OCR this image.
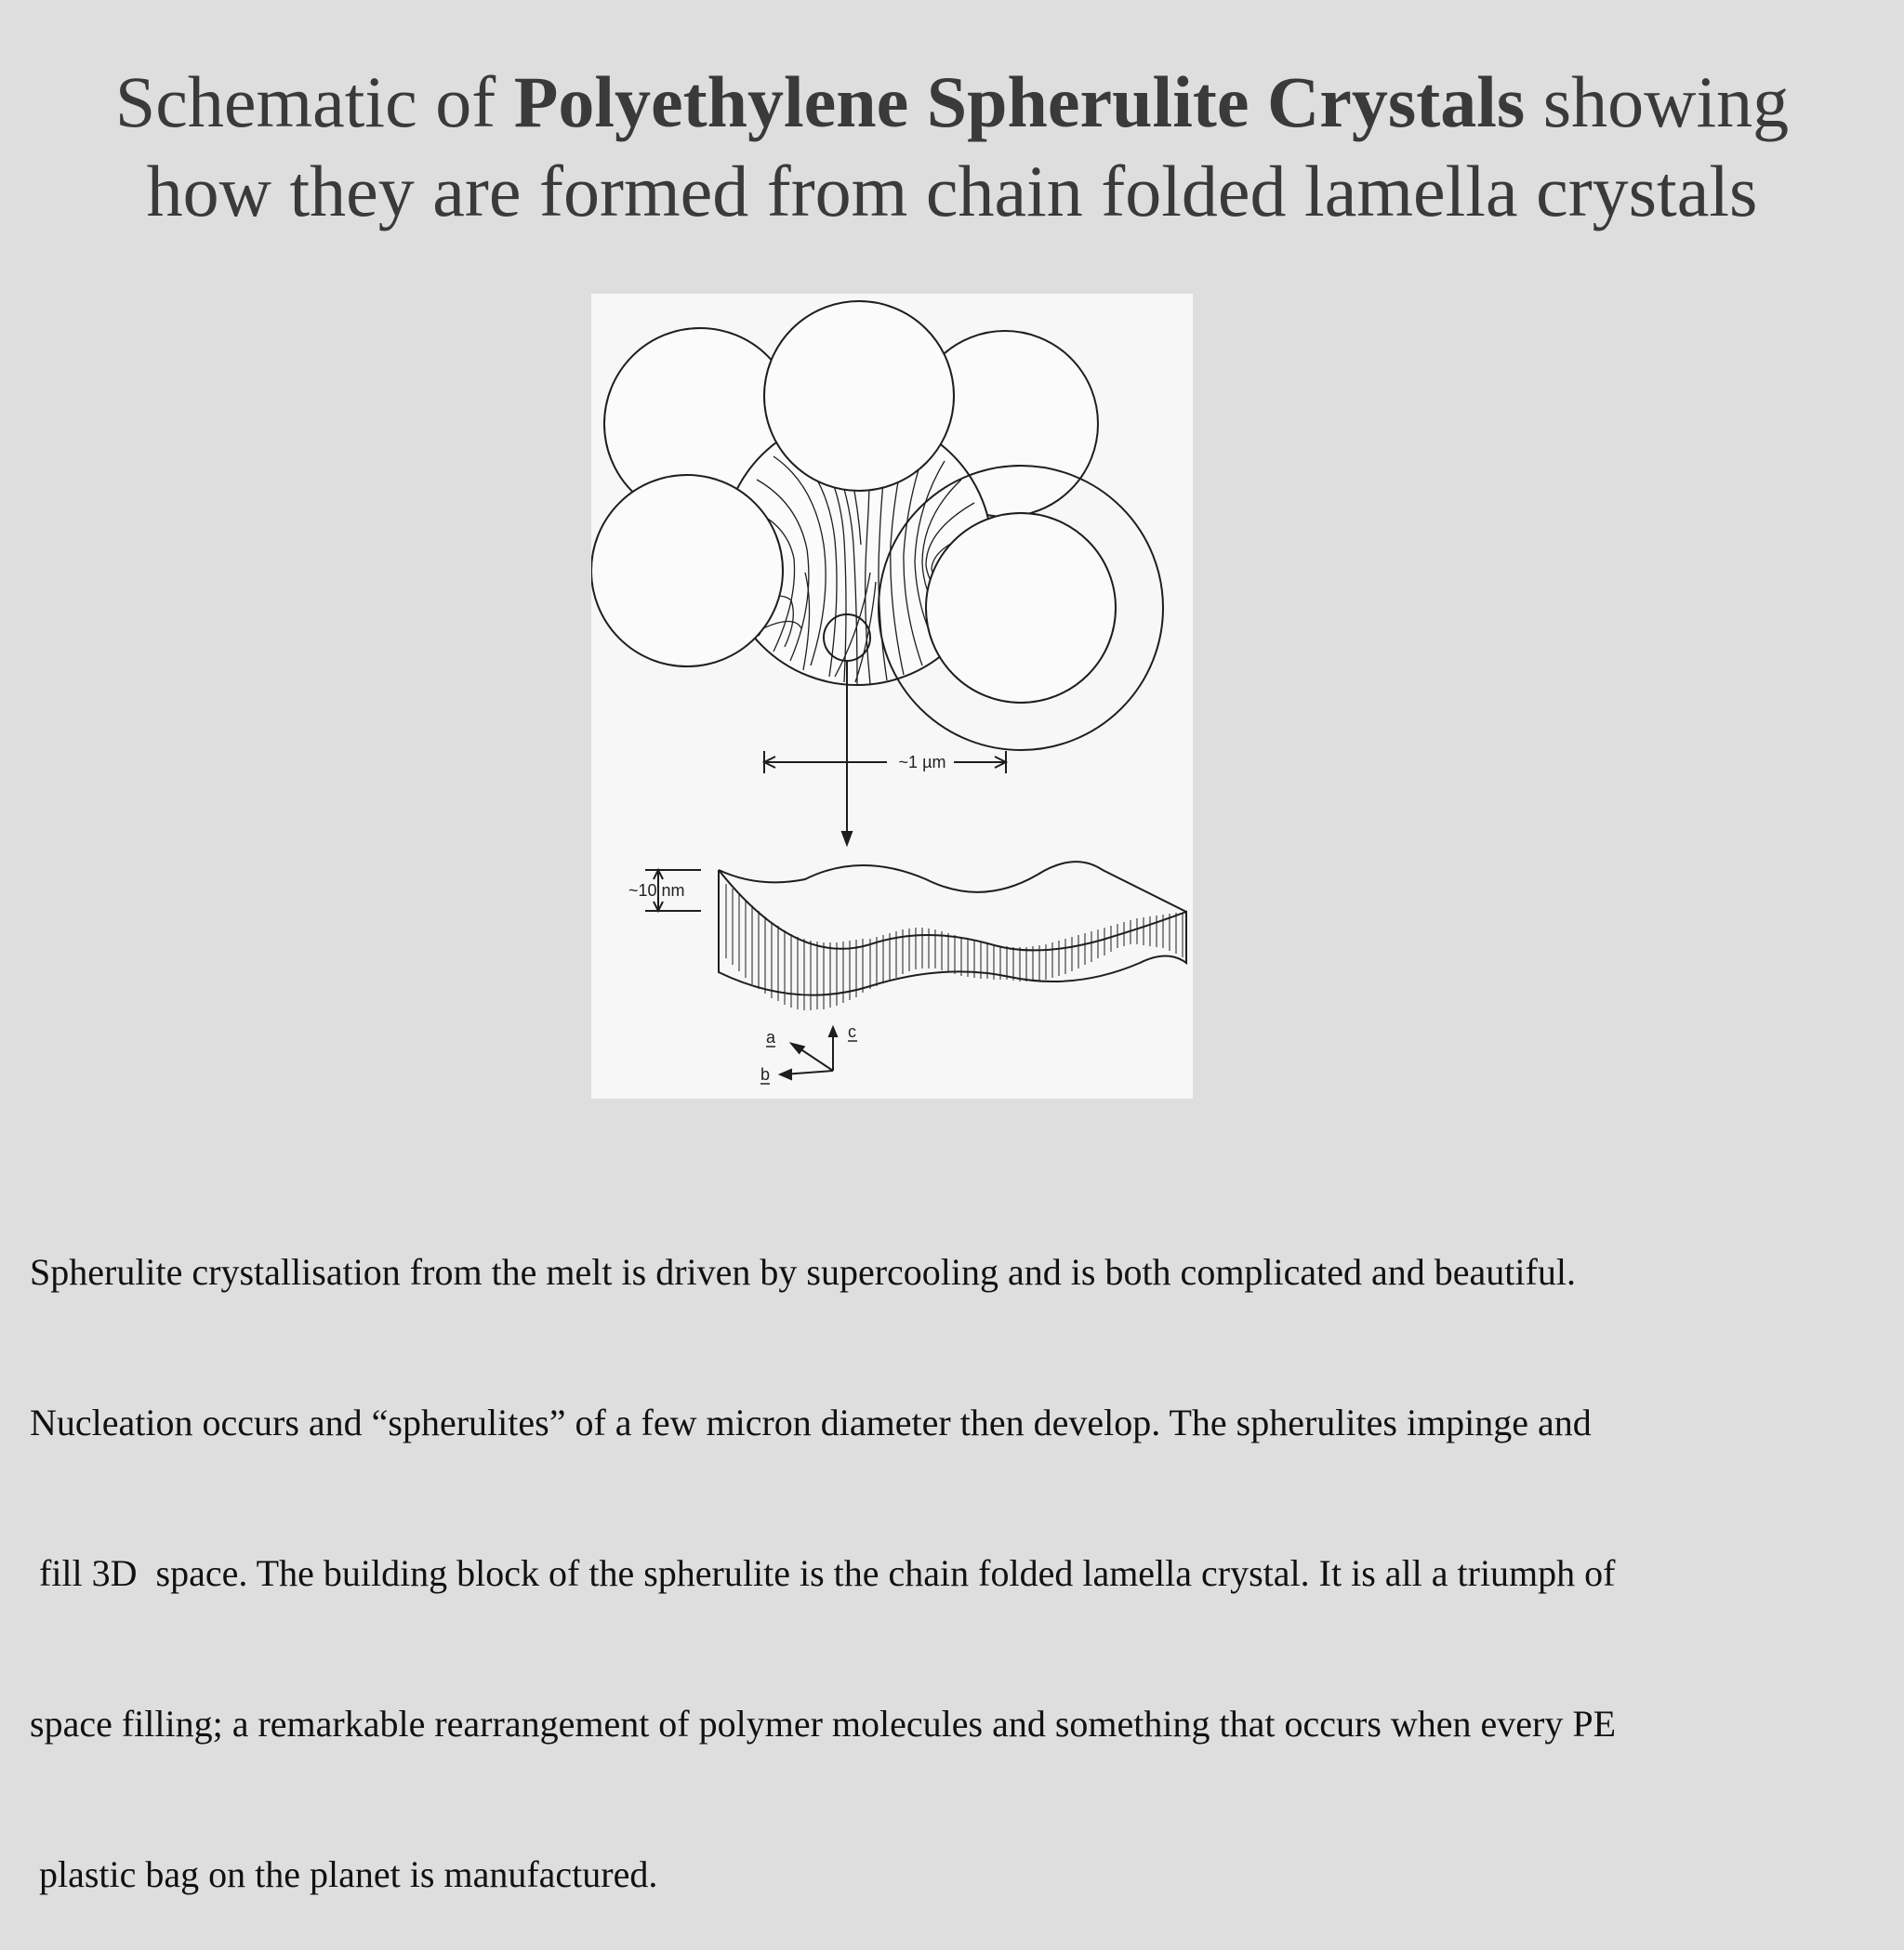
Schematic of Polyethylene Spherulite Crystals showing
how they are formed from chain folded lamella crystals
~1 µm
~10 nm
a
b
c

Spherulite crystallisation from the melt is driven by supercooling and is both complicated and beautiful.

Nucleation occurs and “spherulites” of a few micron diameter then develop. The spherulites impinge and

fill 3D  space. The building block of the spherulite is the chain folded lamella crystal. It is all a triumph of

space filling; a remarkable rearrangement of polymer molecules and something that occurs when every PE

plastic bag on the planet is manufactured.
